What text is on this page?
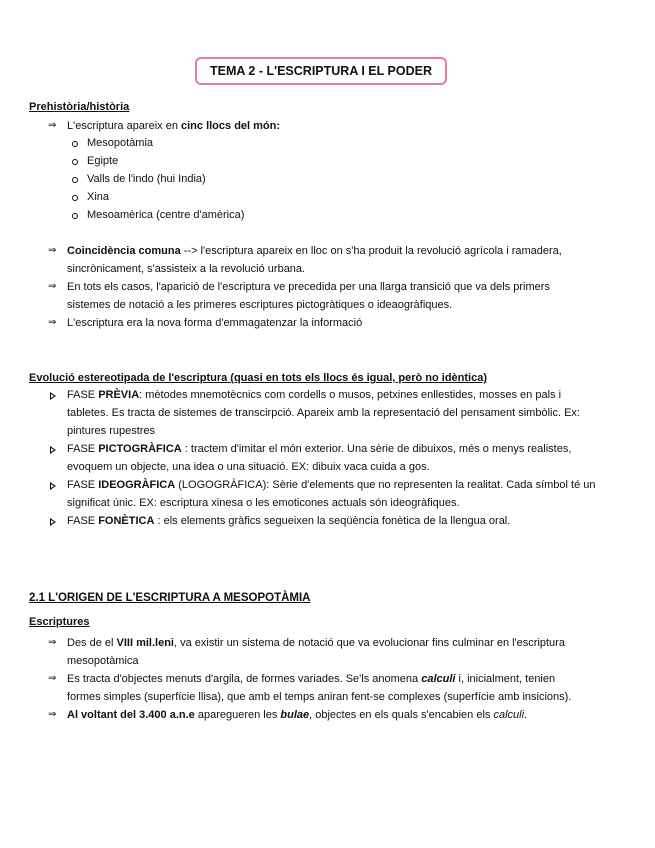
TEMA 2 - L'ESCRIPTURA I EL PODER
Prehistòria/història
⇒ L'escriptura apareix en cinc llocs del món:
Mesopotàmia
Egipte
Valls de l'indo (hui India)
Xina
Mesoamèrica (centre d'amèrica)
⇒ Coincidència comuna --> l'escriptura apareix en lloc on s'ha produit la revolució agrícola i ramadera,
sincrònicament, s'assisteix a la revolució urbana.
⇒ En tots els casos, l'aparició de l'escriptura ve precedida per una llarga transició que va dels primers
sistemes de notació a les primeres escriptures pictogràtiques o ideaogràfiques.
⇒ L'escriptura era la nova forma d'emmagatenzar la informació
Evolució estereotipada de l'escriptura (quasi en tots els llocs és igual, però no idèntica)
FASE PRÈVIA: mètodes mnemotècnics com cordells o musos, petxines enllestides, mosses en pals i
tabletes. Es tracta de sistemes de transcirpció. Apareix amb la representació del pensament simbòlic. Ex:
pintures rupestres
FASE PICTOGRÀFICA : tractem d'imitar el món exterior. Una sèrie de dibuixos, més o menys realistes,
evoquem un objecte, una idea o una situació. EX: dibuix vaca cuida a gos.
FASE IDEOGRÀFICA (LOGOGRÀFICA): Sèrie d'elements que no representen la realitat. Cada símbol té un
significat únic. EX: escriptura xinesa o les emoticones actuals són ideogràfiques.
FASE FONÈTICA : els elements gràfics segueixen la seqüència fonètica de la llengua oral.
2.1 L'ORIGEN DE L'ESCRIPTURA A MESOPOTÀMIA
Escriptures
⇒ Des de el VIII mil.leni, va existir un sistema de notació que va evolucionar fins culminar en l'escriptura
mesopotàmica
⇒ Es tracta d'objectes menuts d'argila, de formes variades. Se'ls anomena calculi i, inicialment, tenien
formes simples (superfície llisa), que amb el temps aniran fent-se complexes (superfície amb insicions).
⇒ Al voltant del 3.400 a.n.e aparegueren les bulae, objectes en els quals s'encabien els calculi.
